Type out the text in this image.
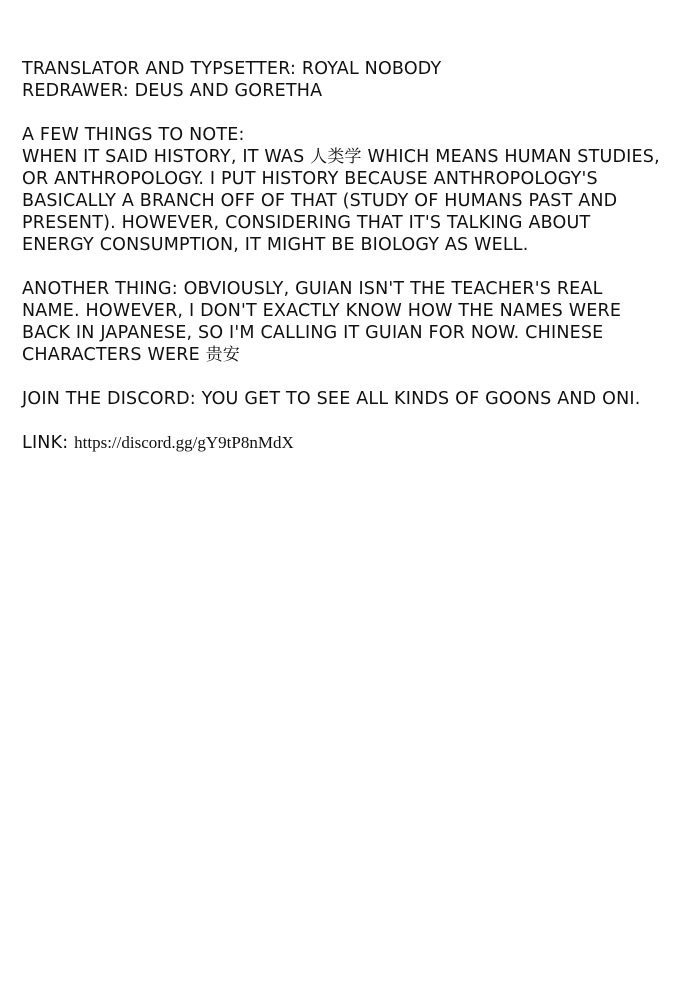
TRANSLATOR AND TYPSETTER: ROYAL NOBODY

REDRAWER: DEUS AND GORETHA

A FEW THINGS TO NOTE:

WHEN IT SAID HISTORY, IT WAS 人类学 WHICH MEANS HUMAN STUDIES, OR ANTHROPOLOGY. I PUT HISTORY BECAUSE ANTHROPOLOGY'S BASICALLY A BRANCH OFF OF THAT (STUDY OF HUMANS PAST AND PRESENT). HOWEVER, CONSIDERING THAT IT'S TALKING ABOUT ENERGY CONSUMPTION, IT MIGHT BE BIOLOGY AS WELL.

ANOTHER THING: OBVIOUSLY, GUIAN ISN'T THE TEACHER'S REAL NAME. HOWEVER, I DON'T EXACTLY KNOW HOW THE NAMES WERE BACK IN JAPANESE, SO I'M CALLING IT GUIAN FOR NOW. CHINESE CHARACTERS WERE 贵安

JOIN THE DISCORD: YOU GET TO SEE ALL KINDS OF GOONS AND ONI.

LINK: https://discord.gg/gY9tP8nMdX
